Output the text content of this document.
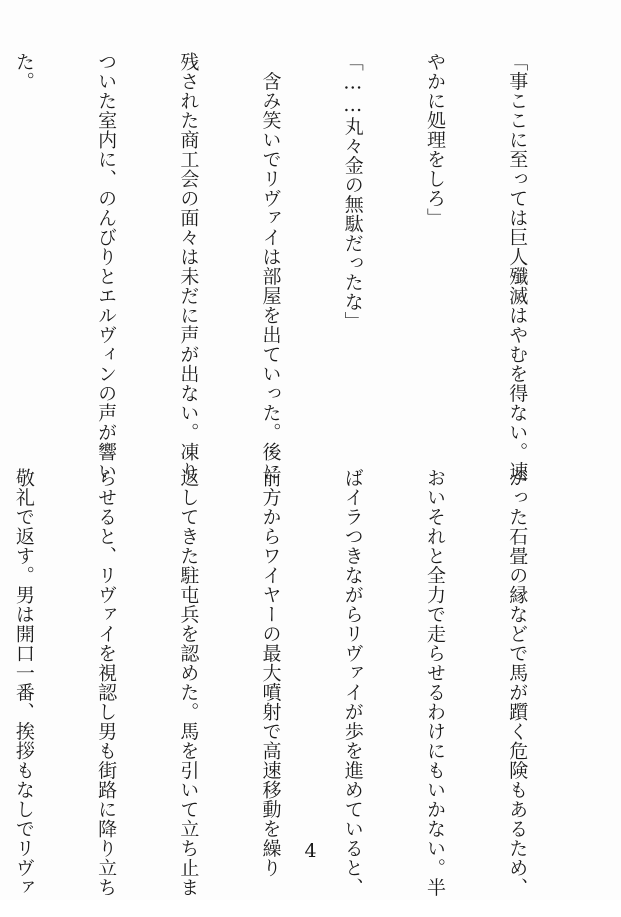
「事ここに至っては巨人殲滅はやむを得ない。速

やかに処理をしろ」

「……丸々金の無駄だったな」

　含み笑いでリヴァイは部屋を出ていった。後に

残された商工会の面々は未だに声が出ない。凍り

ついた室内に、のんびりとエルヴィンの声が響い

た。

がった石畳の縁などで馬が躓く危険もあるため、

おいそれと全力で走らせるわけにもいかない。半

ばイラつきながらリヴァイが歩を進めていると、

前方からワイヤーの最大噴射で高速移動を繰り

返してきた駐屯兵を認めた。馬を引いて立ち止ま

らせると、リヴァイを視認し男も街路に降り立ち

敬礼で返す。男は開口一番、挨拶もなしでリヴァ

	4
